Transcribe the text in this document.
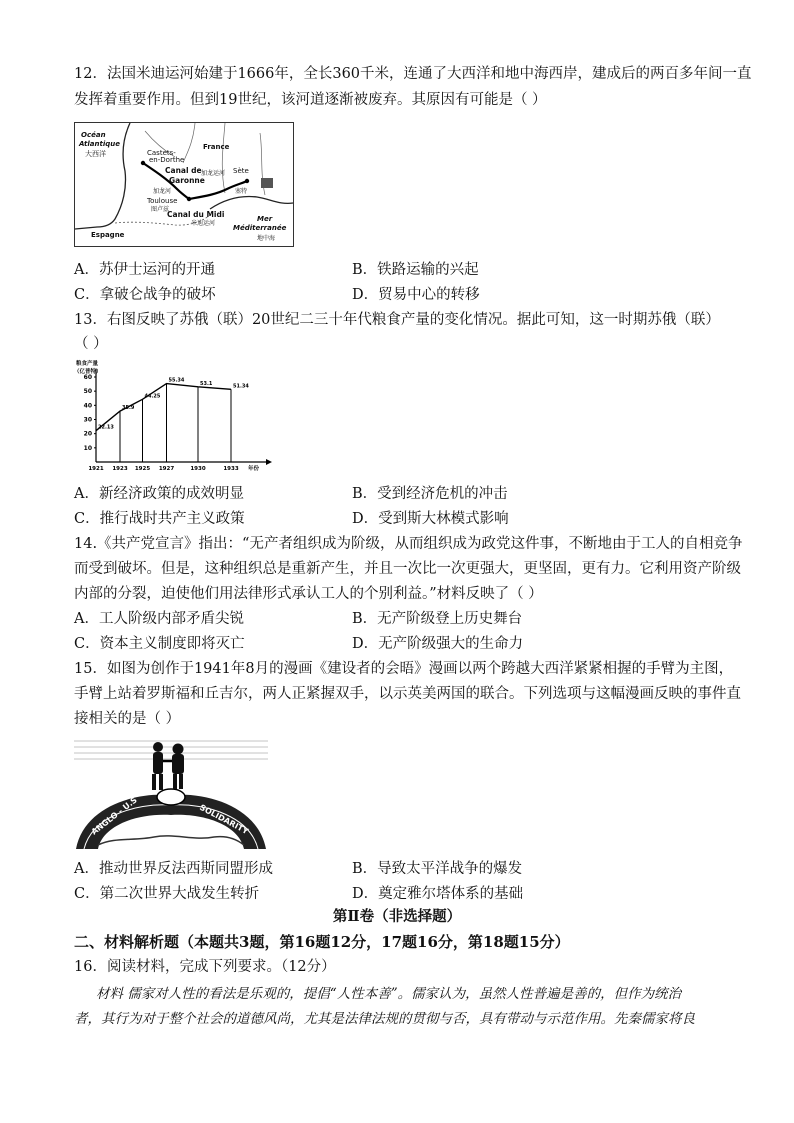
12．法国米迪运河始建于1666年，全长360千米，连通了大西洋和地中海西岸，建成后的两百多年间一直
发挥着重要作用。但到19世纪，该河道逐渐被废弃。其原因有可能是（ ）
Océan
Atlantique
大西洋
France
Castets-
en-Dorthe
Canal de
Garonne
加龙运河
加龙河
Toulouse
图卢兹
Sète
塞特
Canal du Midi
米迪运河
Espagne
Mer
Méditerranée
地中海
A．苏伊士运河的开通	B．铁路运输的兴起
C．拿破仑战争的破坏	D．贸易中心的转移
13．右图反映了苏俄（联）20世纪二三十年代粮食产量的变化情况。据此可知，这一时期苏俄（联）
（ ）
粮食产量
（亿普特）
年份
60
50
40
30
20
10
1921 1923 1925 1927	1930	1933
22.13
35.9
44.25
55.34
53.1	51.34
A．新经济政策的成效明显	B．受到经济危机的冲击
C．推行战时共产主义政策	D．受到斯大林模式影响
14.《共产党宣言》指出：“无产者组织成为阶级，从而组织成为政党这件事，不断地由于工人的自相竞争
而受到破坏。但是，这种组织总是重新产生，并且一次比一次更强大，更坚固，更有力。它利用资产阶级
内部的分裂，迫使他们用法律形式承认工人的个别利益。”材料反映了（ ）
A．工人阶级内部矛盾尖锐	B．无产阶级登上历史舞台
C．资本主义制度即将灭亡	D．无产阶级强大的生命力
15．如图为创作于1941年8月的漫画《建设者的会晤》漫画以两个跨越大西洋紧紧相握的手臂为主图，
手臂上站着罗斯福和丘吉尔，两人正紧握双手，以示英美两国的联合。下列选项与这幅漫画反映的事件直
接相关的是（ ）
ANGLO - U.S	SOLIDARITY
A．推动世界反法西斯同盟形成	B．导致太平洋战争的爆发
C．第二次世界大战发生转折	D．奠定雅尔塔体系的基础
第Ⅱ卷（非选择题）
二、材料解析题（本题共3题，第16题12分，17题16分，第18题15分）
16．阅读材料，完成下列要求。（12分）
材料 儒家对人性的看法是乐观的，提倡“人性本善”。儒家认为，虽然人性普遍是善的，但作为统治
者，其行为对于整个社会的道德风尚，尤其是法律法规的贯彻与否，具有带动与示范作用。先秦儒家将良
